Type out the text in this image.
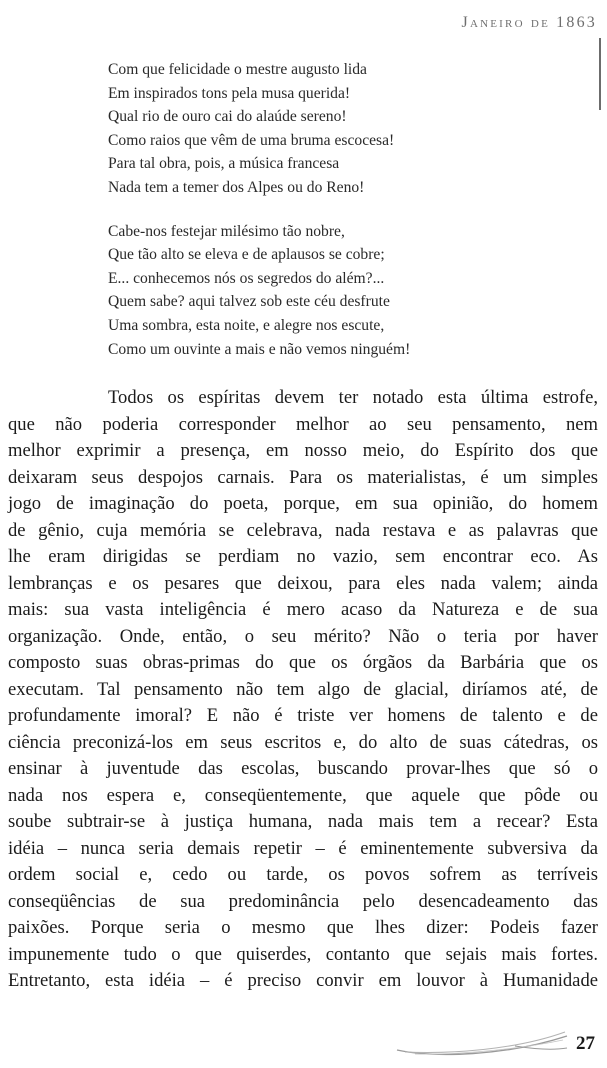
Janeiro de 1863
Com que felicidade o mestre augusto lida
Em inspirados tons pela musa querida!
Qual rio de ouro cai do alaúde sereno!
Como raios que vêm de uma bruma escocesa!
Para tal obra, pois, a música francesa
Nada tem a temer dos Alpes ou do Reno!
Cabe-nos festejar milésimo tão nobre,
Que tão alto se eleva e de aplausos se cobre;
E... conhecemos nós os segredos do além?...
Quem sabe? aqui talvez sob este céu desfrute
Uma sombra, esta noite, e alegre nos escute,
Como um ouvinte a mais e não vemos ninguém!
Todos os espíritas devem ter notado esta última estrofe,
que não poderia corresponder melhor ao seu pensamento, nem
melhor exprimir a presença, em nosso meio, do Espírito dos que
deixaram seus despojos carnais. Para os materialistas, é um simples
jogo de imaginação do poeta, porque, em sua opinião, do homem
de gênio, cuja memória se celebrava, nada restava e as palavras que
lhe eram dirigidas se perdiam no vazio, sem encontrar eco. As
lembranças e os pesares que deixou, para eles nada valem; ainda
mais: sua vasta inteligência é mero acaso da Natureza e de sua
organização. Onde, então, o seu mérito? Não o teria por haver
composto suas obras-primas do que os órgãos da Barbária que os
executam. Tal pensamento não tem algo de glacial, diríamos até, de
profundamente imoral? E não é triste ver homens de talento e de
ciência preconizá-los em seus escritos e, do alto de suas cátedras, os
ensinar à juventude das escolas, buscando provar-lhes que só o
nada nos espera e, conseqüentemente, que aquele que pôde ou
soube subtrair-se à justiça humana, nada mais tem a recear? Esta
idéia – nunca seria demais repetir – é eminentemente subversiva da
ordem social e, cedo ou tarde, os povos sofrem as terríveis
conseqüências de sua predominância pelo desencadeamento das
paixões. Porque seria o mesmo que lhes dizer: Podeis fazer
impunemente tudo o que quiserdes, contanto que sejais mais fortes.
Entretanto, esta idéia – é preciso convir em louvor à Humanidade
27
